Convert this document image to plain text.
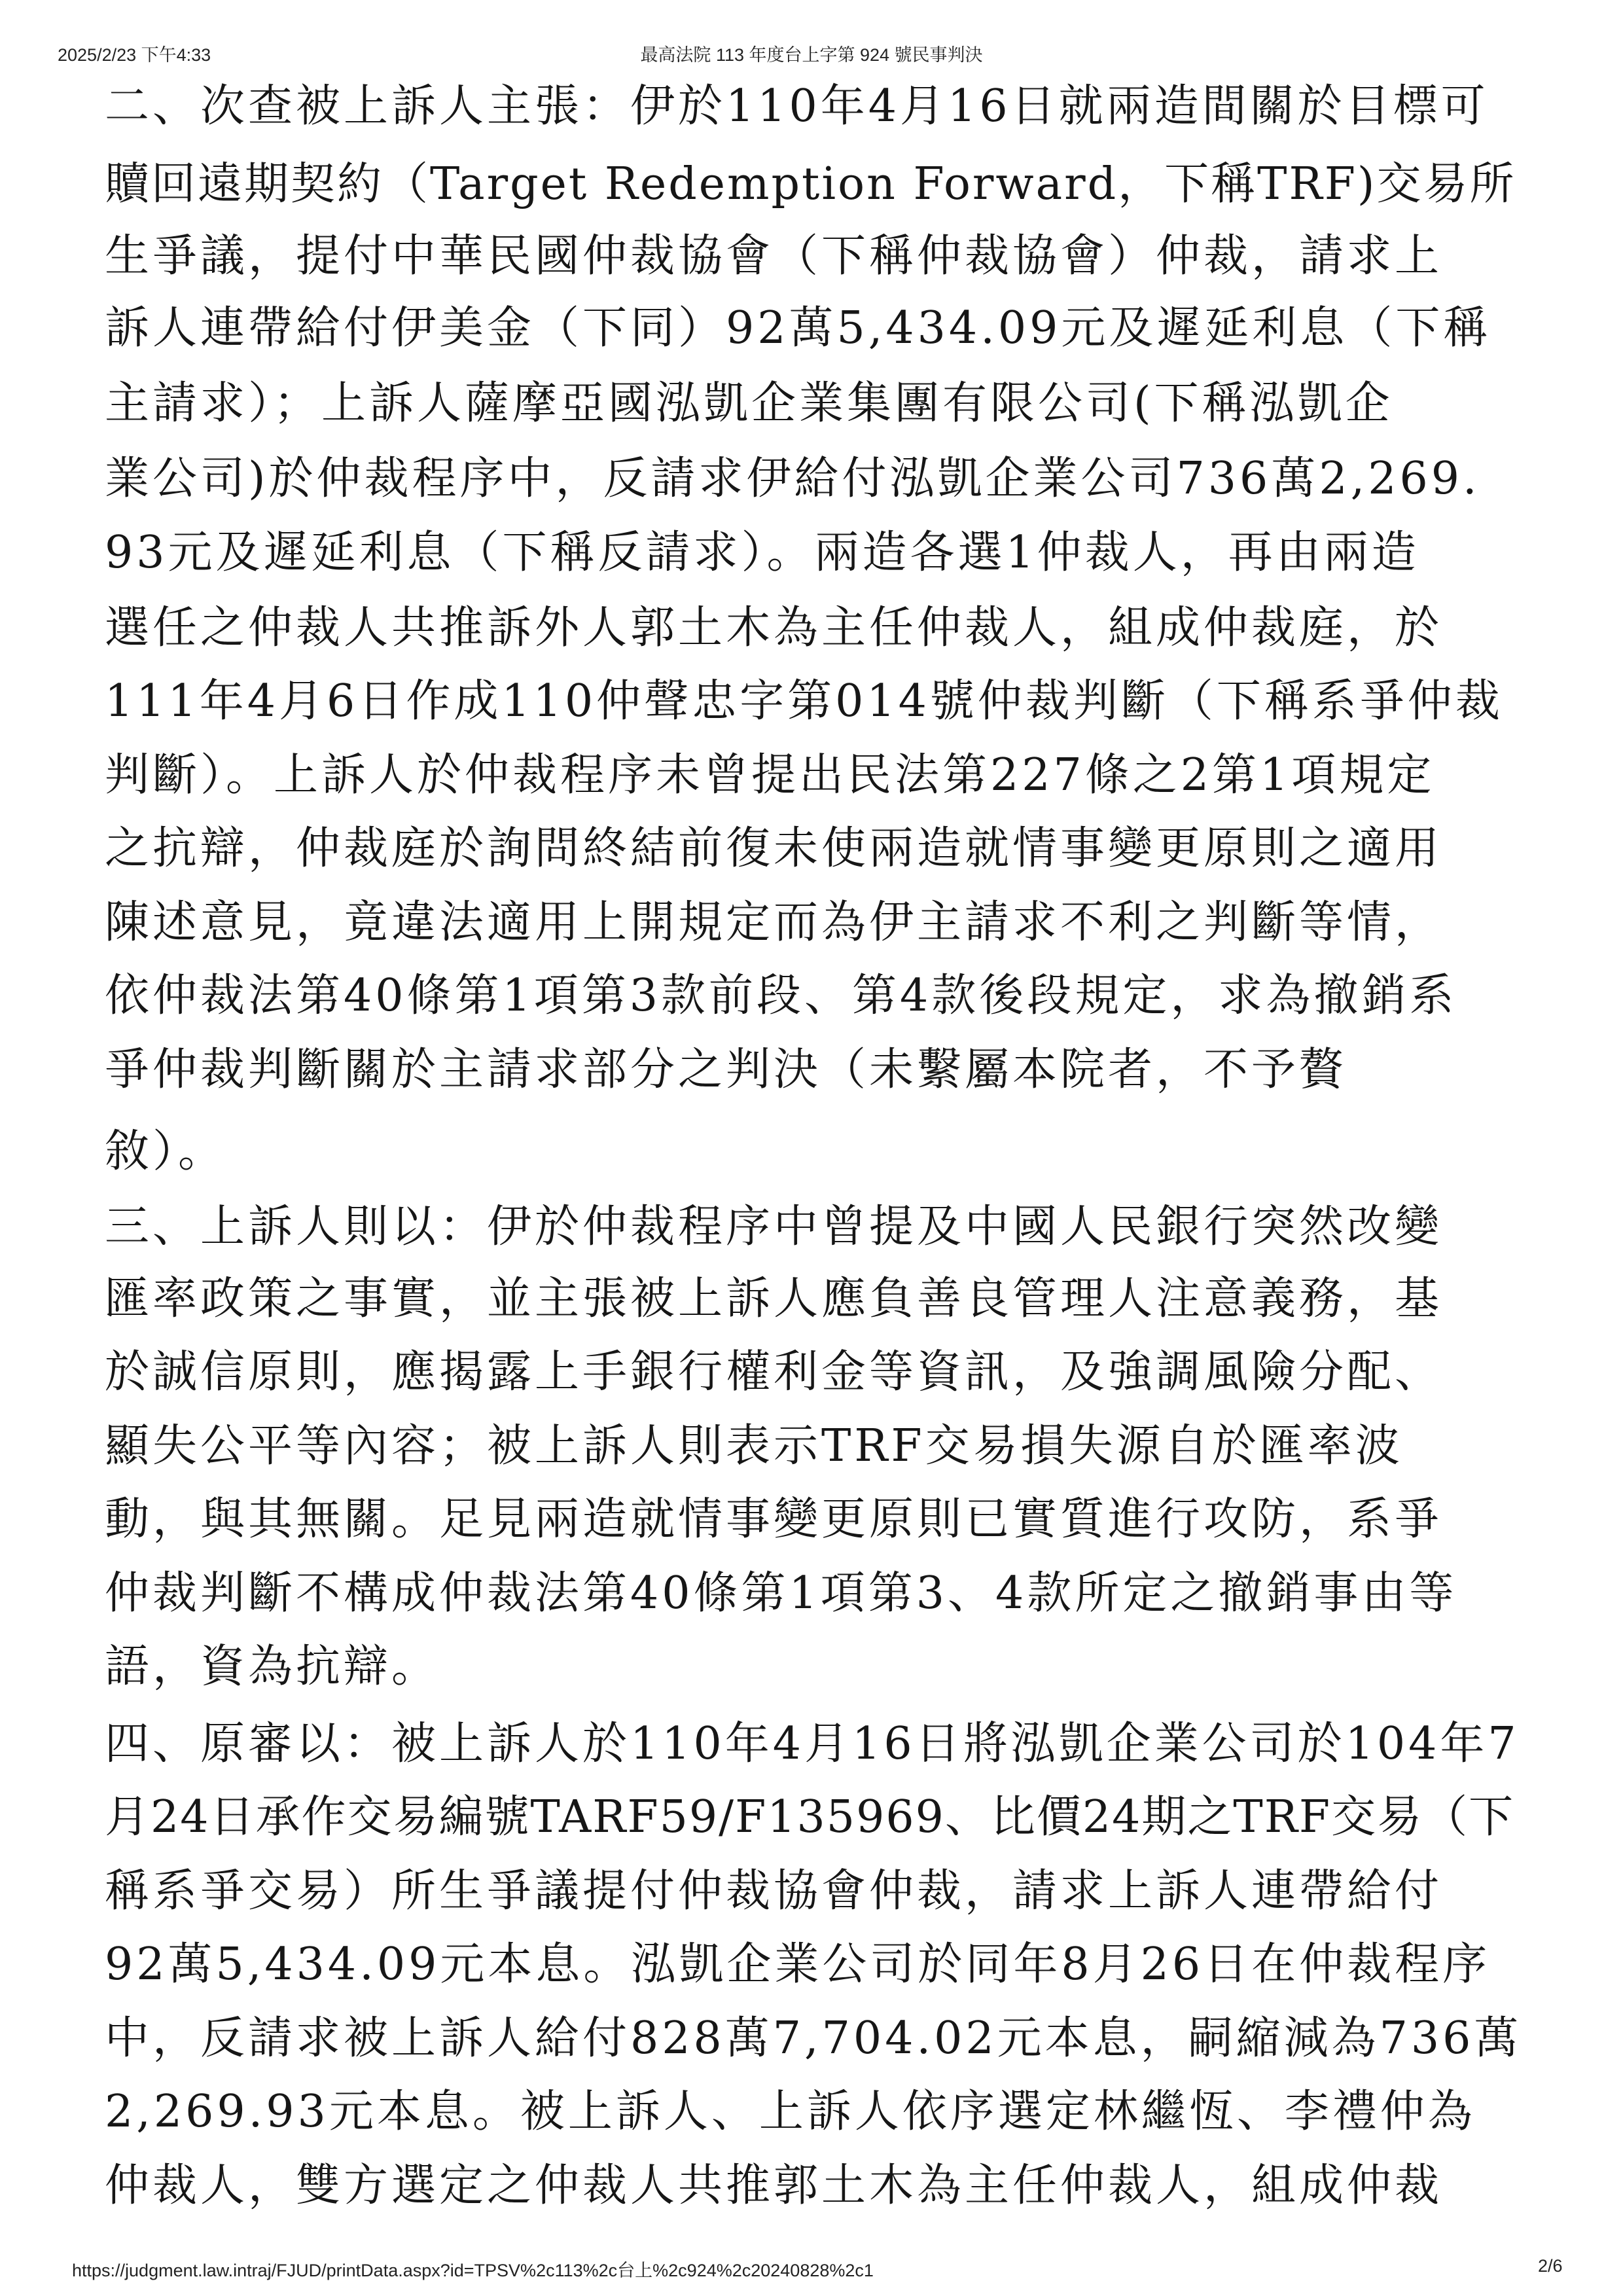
2025/2/23 下午4:33	最高法院 113 年度台上字第 924 號民事判決
二、次查被上訴人主張：伊於110年4月16日就兩造間關於目標可
贖回遠期契約（Target Redemption Forward，下稱TRF)交易所
生爭議，提付中華民國仲裁協會（下稱仲裁協會）仲裁，請求上
訴人連帶給付伊美金（下同）92萬5,434.09元及遲延利息（下稱
主請求）；上訴人薩摩亞國泓凱企業集團有限公司(下稱泓凱企
業公司)於仲裁程序中，反請求伊給付泓凱企業公司736萬2,269.
93元及遲延利息（下稱反請求）。兩造各選1仲裁人，再由兩造
選任之仲裁人共推訴外人郭土木為主任仲裁人，組成仲裁庭，於
111年4月6日作成110仲聲忠字第014號仲裁判斷（下稱系爭仲裁
判斷）。上訴人於仲裁程序未曾提出民法第227條之2第1項規定
之抗辯，仲裁庭於詢問終結前復未使兩造就情事變更原則之適用
陳述意見，竟違法適用上開規定而為伊主請求不利之判斷等情，
依仲裁法第40條第1項第3款前段、第4款後段規定，求為撤銷系
爭仲裁判斷關於主請求部分之判決（未繫屬本院者，不予贅
敘）。
三、上訴人則以：伊於仲裁程序中曾提及中國人民銀行突然改變
匯率政策之事實，並主張被上訴人應負善良管理人注意義務，基
於誠信原則，應揭露上手銀行權利金等資訊，及強調風險分配、
顯失公平等內容；被上訴人則表示TRF交易損失源自於匯率波
動，與其無關。足見兩造就情事變更原則已實質進行攻防，系爭
仲裁判斷不構成仲裁法第40條第1項第3、4款所定之撤銷事由等
語，資為抗辯。
四、原審以：被上訴人於110年4月16日將泓凱企業公司於104年7
月24日承作交易編號TARF59/F135969、比價24期之TRF交易（下
稱系爭交易）所生爭議提付仲裁協會仲裁，請求上訴人連帶給付
92萬5,434.09元本息。泓凱企業公司於同年8月26日在仲裁程序
中，反請求被上訴人給付828萬7,704.02元本息，嗣縮減為736萬
2,269.93元本息。被上訴人、上訴人依序選定林繼恆、李禮仲為
仲裁人，雙方選定之仲裁人共推郭土木為主任仲裁人，組成仲裁
https://judgment.law.intraj/FJUD/printData.aspx?id=TPSV%2c113%2c台上%2c924%2c20240828%2c1	2/6
